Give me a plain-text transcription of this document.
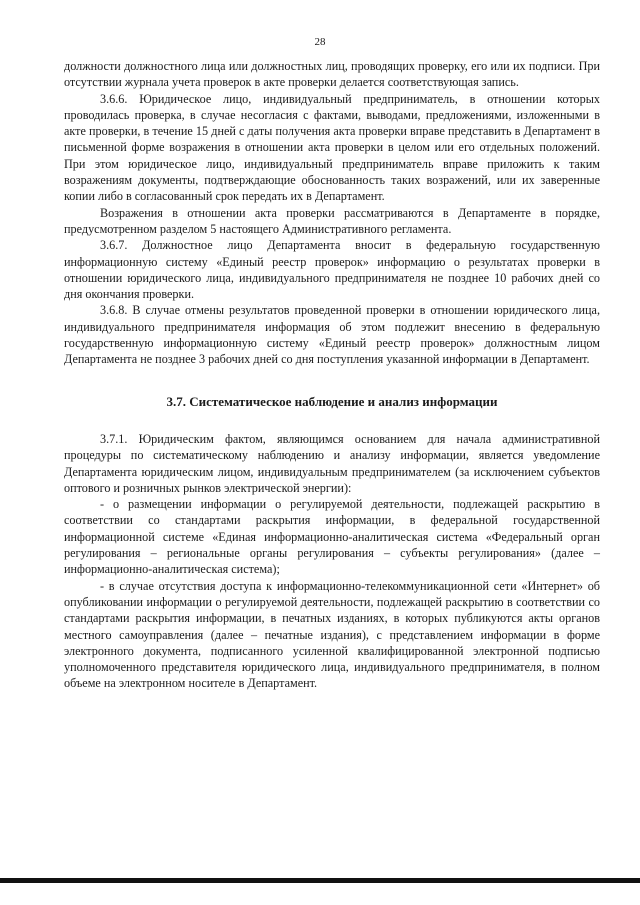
28

должности должностного лица или должностных лиц, проводящих проверку, его или их подписи. При отсутствии журнала учета проверок в акте проверки делается соответствующая запись.

3.6.6. Юридическое лицо, индивидуальный предприниматель, в отношении которых проводилась проверка, в случае несогласия с фактами, выводами, предложениями, изложенными в акте проверки, в течение 15 дней с даты получения акта проверки вправе представить в Департамент в письменной форме возражения в отношении акта проверки в целом или его отдельных положений. При этом юридическое лицо, индивидуальный предприниматель вправе приложить к таким возражениям документы, подтверждающие обоснованность таких возражений, или их заверенные копии либо в согласованный срок передать их в Департамент.

Возражения в отношении акта проверки рассматриваются в Департаменте в порядке, предусмотренном разделом 5 настоящего Административного регламента.

3.6.7. Должностное лицо Департамента вносит в федеральную государственную информационную систему «Единый реестр проверок» информацию о результатах проверки в отношении юридического лица, индивидуального предпринимателя не позднее 10 рабочих дней со дня окончания проверки.

3.6.8. В случае отмены результатов проведенной проверки в отношении юридического лица, индивидуального предпринимателя информация об этом подлежит внесению в федеральную государственную информационную систему «Единый реестр проверок» должностным лицом Департамента не позднее 3 рабочих дней со дня поступления указанной информации в Департамент.

3.7. Систематическое наблюдение и анализ информации

3.7.1. Юридическим фактом, являющимся основанием для начала административной процедуры по систематическому наблюдению и анализу информации, является уведомление Департамента юридическим лицом, индивидуальным предпринимателем (за исключением субъектов оптового и розничных рынков электрической энергии):

- о размещении информации о регулируемой деятельности, подлежащей раскрытию в соответствии со стандартами раскрытия информации, в федеральной государственной информационной системе «Единая информационно-аналитическая система «Федеральный орган регулирования – региональные органы регулирования – субъекты регулирования» (далее – информационно-аналитическая система);

- в случае отсутствия доступа к информационно-телекоммуникационной сети «Интернет» об опубликовании информации о регулируемой деятельности, подлежащей раскрытию в соответствии со стандартами раскрытия информации, в печатных изданиях, в которых публикуются акты органов местного самоуправления (далее – печатные издания), с представлением информации в форме электронного документа, подписанного усиленной квалифицированной электронной подписью уполномоченного представителя юридического лица, индивидуального предпринимателя, в полном объеме на электронном носителе в Департамент.
